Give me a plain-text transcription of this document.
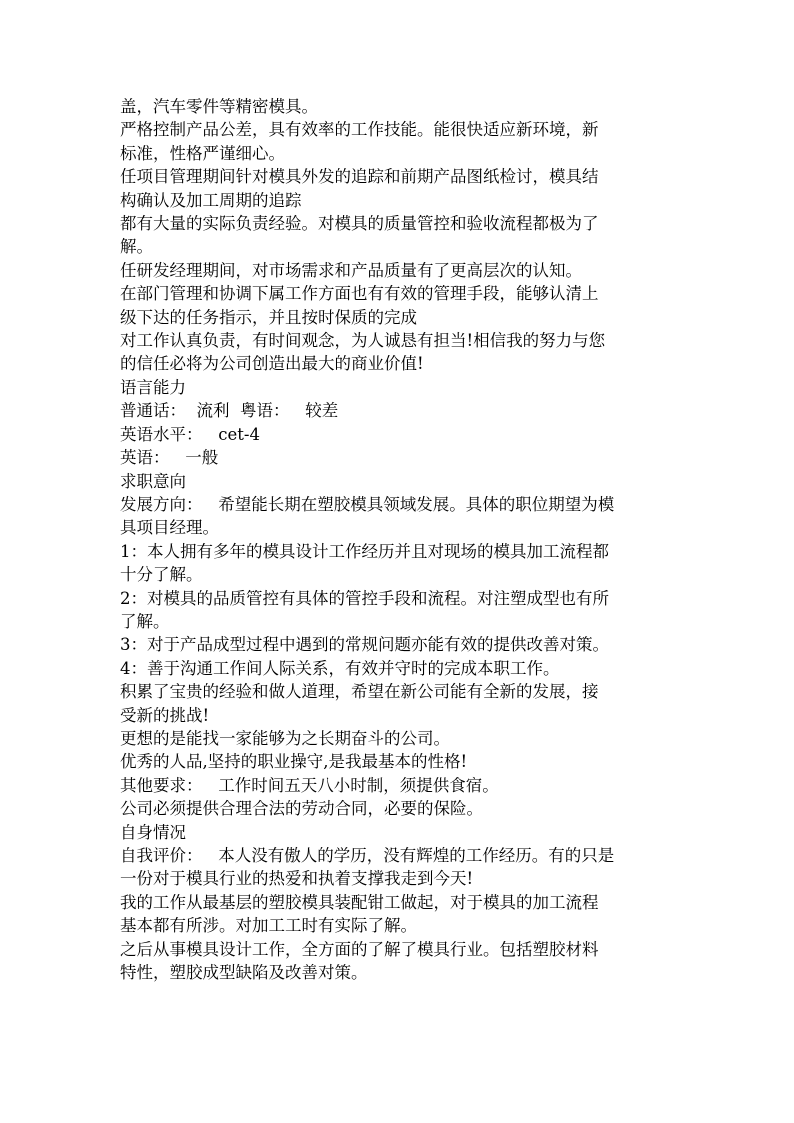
盖，汽车零件等精密模具。

严格控制产品公差，具有效率的工作技能。能很快适应新环境，新

标准，性格严谨细心。

任项目管理期间针对模具外发的追踪和前期产品图纸检讨，模具结

构确认及加工周期的追踪

都有大量的实际负责经验。对模具的质量管控和验收流程都极为了

解。

任研发经理期间，对市场需求和产品质量有了更高层次的认知。

在部门管理和协调下属工作方面也有有效的管理手段，能够认清上

级下达的任务指示，并且按时保质的完成

对工作认真负责，有时间观念，为人诚恳有担当!相信我的努力与您

的信任必将为公司创造出最大的商业价值!

语言能力

普通话：  流利  粤语：   较差

英语水平：   cet-4

英语：   一般

求职意向

发展方向：   希望能长期在塑胶模具领域发展。具体的职位期望为模

具项目经理。

1：本人拥有多年的模具设计工作经历并且对现场的模具加工流程都

十分了解。

2：对模具的品质管控有具体的管控手段和流程。对注塑成型也有所

了解。

3：对于产品成型过程中遇到的常规问题亦能有效的提供改善对策。

4：善于沟通工作间人际关系，有效并守时的完成本职工作。

积累了宝贵的经验和做人道理，希望在新公司能有全新的发展，接

受新的挑战!

更想的是能找一家能够为之长期奋斗的公司。

优秀的人品,坚持的职业操守,是我最基本的性格!

其他要求：   工作时间五天八小时制，须提供食宿。

公司必须提供合理合法的劳动合同，必要的保险。

自身情况

自我评价：   本人没有傲人的学历，没有辉煌的工作经历。有的只是

一份对于模具行业的热爱和执着支撑我走到今天!

我的工作从最基层的塑胶模具装配钳工做起，对于模具的加工流程

基本都有所涉。对加工工时有实际了解。

之后从事模具设计工作，全方面的了解了模具行业。包括塑胶材料

特性，塑胶成型缺陷及改善对策。
